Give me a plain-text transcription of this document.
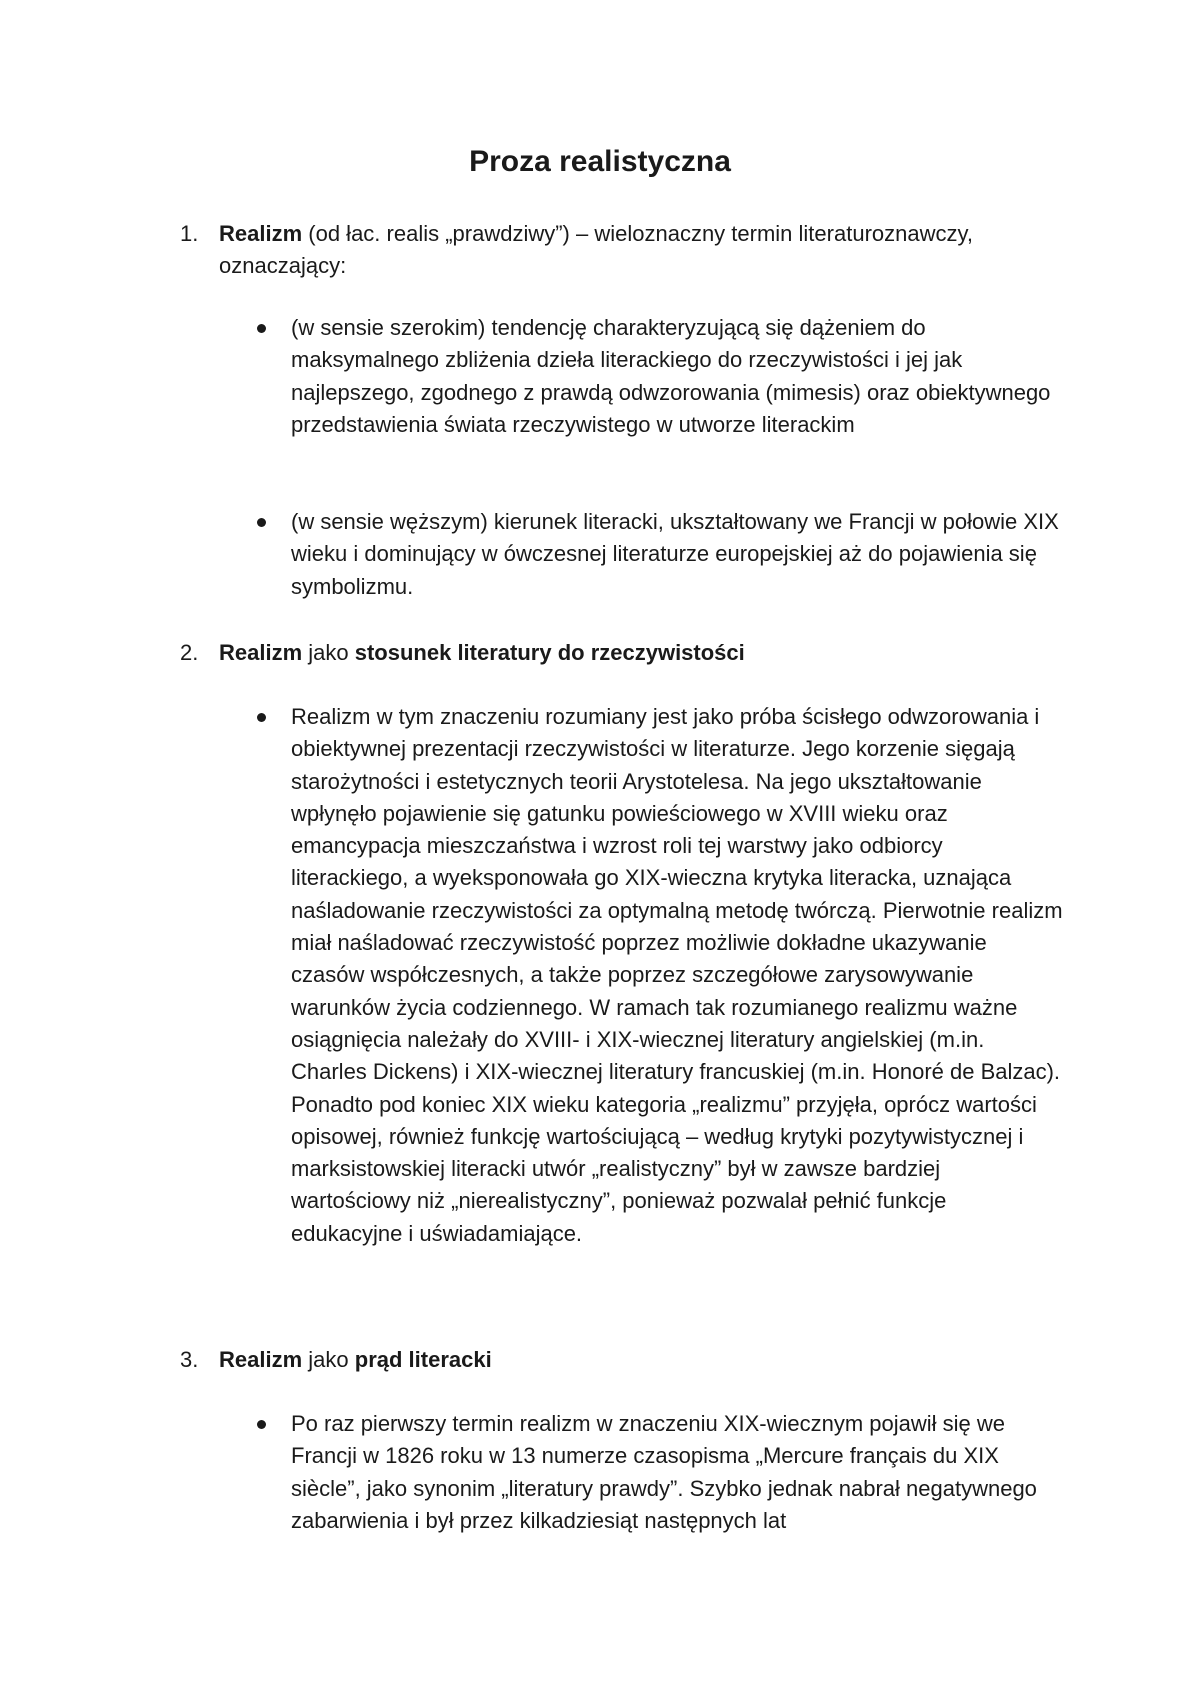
Proza realistyczna
1. Realizm (od łac. realis „prawdziwy”) – wieloznaczny termin literaturoznawczy, oznaczający:
(w sensie szerokim) tendencję charakteryzującą się dążeniem do maksymalnego zbliżenia dzieła literackiego do rzeczywistości i jej jak najlepszego, zgodnego z prawdą odwzorowania (mimesis) oraz obiektywnego przedstawienia świata rzeczywistego w utworze literackim
(w sensie węższym) kierunek literacki, ukształtowany we Francji w połowie XIX wieku i dominujący w ówczesnej literaturze europejskiej aż do pojawienia się symbolizmu.
2. Realizm jako stosunek literatury do rzeczywistości
Realizm w tym znaczeniu rozumiany jest jako próba ścisłego odwzorowania i obiektywnej prezentacji rzeczywistości w literaturze. Jego korzenie sięgają starożytności i estetycznych teorii Arystotelesa. Na jego ukształtowanie wpłynęło pojawienie się gatunku powieściowego w XVIII wieku oraz emancypacja mieszczaństwa i wzrost roli tej warstwy jako odbiorcy literackiego, a wyeksponowała go XIX-wieczna krytyka literacka, uznająca naśladowanie rzeczywistości za optymalną metodę twórczą. Pierwotnie realizm miał naśladować rzeczywistość poprzez możliwie dokładne ukazywanie czasów współczesnych, a także poprzez szczegółowe zarysowywanie warunków życia codziennego. W ramach tak rozumianego realizmu ważne osiągnięcia należały do XVIII- i XIX-wiecznej literatury angielskiej (m.in. Charles Dickens) i XIX-wiecznej literatury francuskiej (m.in. Honoré de Balzac). Ponadto pod koniec XIX wieku kategoria „realizmu” przyjęła, oprócz wartości opisowej, również funkcję wartościującą – według krytyki pozytywistycznej i marksistowskiej literacki utwór „realistyczny” był w zawsze bardziej wartościowy niż „nierealistyczny”, ponieważ pozwalał pełnić funkcje edukacyjne i uświadamiające.
3. Realizm jako prąd literacki
Po raz pierwszy termin realizm w znaczeniu XIX-wiecznym pojawił się we Francji w 1826 roku w 13 numerze czasopisma „Mercure français du XIX siècle”, jako synonim „literatury prawdy”. Szybko jednak nabrał negatywnego zabarwienia i był przez kilkadziesiąt następnych lat
